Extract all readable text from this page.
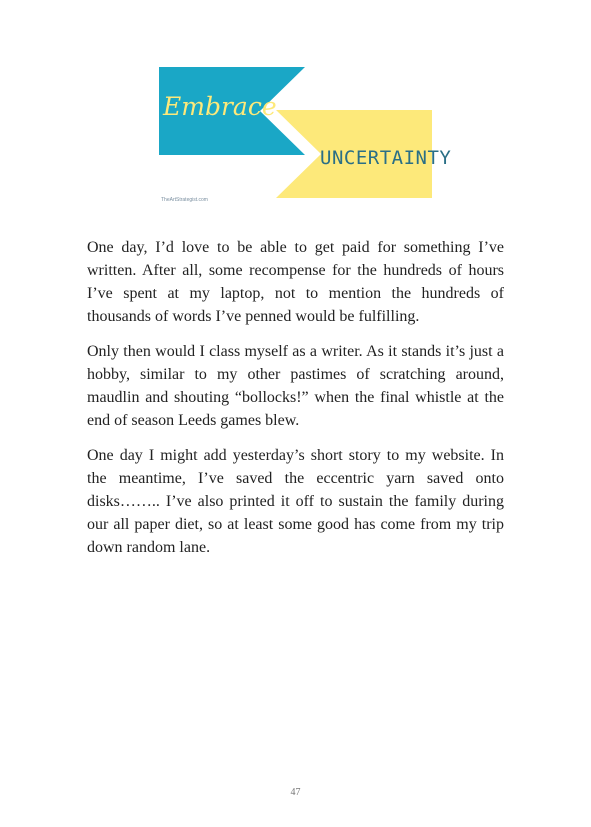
Embrace
UNCERTAINTY
TheArtStrategist.com

One day, I’d love to be able to get paid for something I’ve written. After all, some recompense for the hundreds of hours I’ve spent at my laptop, not to mention the hundreds of thousands of words I’ve penned would be fulfilling.

Only then would I class myself as a writer. As it stands it’s just a hobby, similar to my other pastimes of scratching around, maudlin and shouting “bollocks!” when the final whistle at the end of season Leeds games blew.

One day I might add yesterday’s short story to my website. In the meantime, I’ve saved the eccentric yarn saved onto disks…….. I’ve also printed it off to sustain the family during our all paper diet, so at least some good has come from my trip down random lane.

47
